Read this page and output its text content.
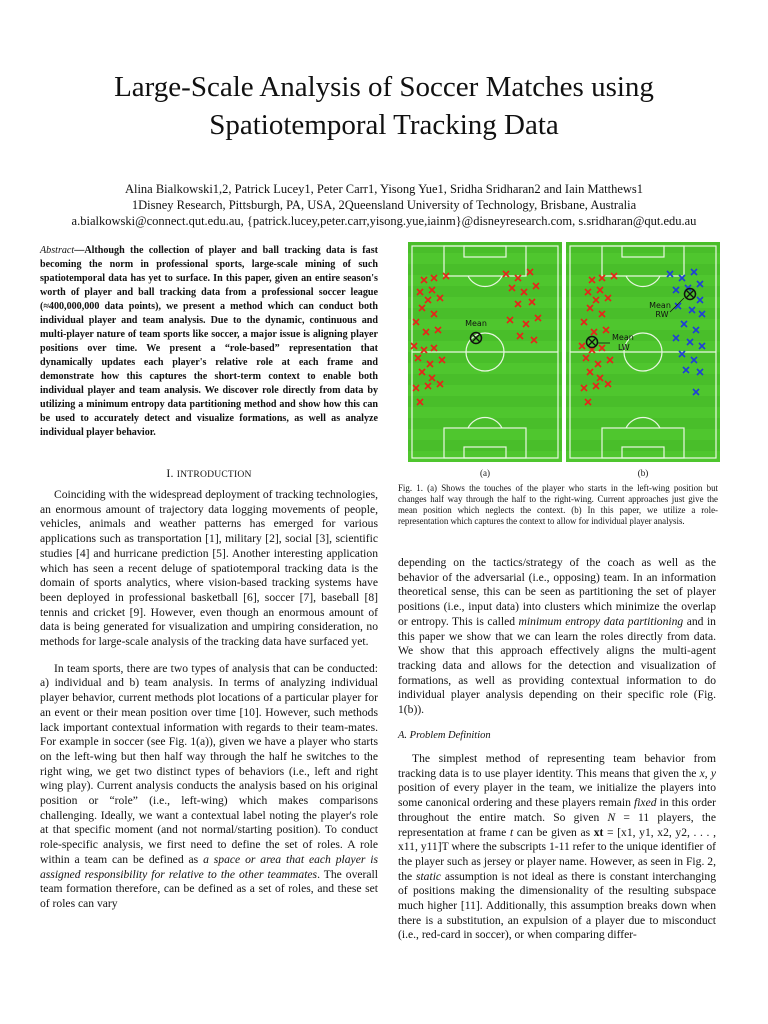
Large-Scale Analysis of Soccer Matches using Spatiotemporal Tracking Data
Alina Bialkowski1,2, Patrick Lucey1, Peter Carr1, Yisong Yue1, Sridha Sridharan2 and Iain Matthews1
1Disney Research, Pittsburgh, PA, USA, 2Queensland University of Technology, Brisbane, Australia
a.bialkowski@connect.qut.edu.au, {patrick.lucey,peter.carr,yisong.yue,iainm}@disneyresearch.com, s.sridharan@qut.edu.au
Abstract—Although the collection of player and ball tracking data is fast becoming the norm in professional sports, large-scale mining of such spatiotemporal data has yet to surface. In this paper, given an entire season's worth of player and ball tracking data from a professional soccer league (≈400,000,000 data points), we present a method which can conduct both individual player and team analysis. Due to the dynamic, continuous and multi-player nature of team sports like soccer, a major issue is aligning player positions over time. We present a “role-based” representation that dynamically updates each player's relative role at each frame and demonstrate how this captures the short-term context to enable both individual player and team analysis. We discover role directly from data by utilizing a minimum entropy data partitioning method and show how this can be used to accurately detect and visualize formations, as well as analyze individual player behavior.
I. INTRODUCTION

Coinciding with the widespread deployment of tracking technologies, an enormous amount of trajectory data logging movements of people, vehicles, animals and weather patterns has emerged for various applications such as transportation [1], military [2], social [3], scientific studies [4] and hurricane prediction [5]. Another interesting application which has seen a recent deluge of spatiotemporal tracking data is the domain of sports analytics, where vision-based tracking systems have been deployed in professional basketball [6], soccer [7], baseball [8] tennis and cricket [9]. However, even though an enormous amount of data is being generated for visualization and umpiring consideration, no methods for large-scale analysis of the tracking data have surfaced yet.

In team sports, there are two types of analysis that can be conducted: a) individual and b) team analysis. In terms of analyzing individual player behavior, current methods plot locations of a particular player for an event or their mean position over time [10]. However, such methods lack important contextual information with regards to their team-mates. For example in soccer (see Fig. 1(a)), given we have a player who starts on the left-wing but then half way through the half he switches to the right wing, we get two distinct types of behaviors (i.e., left and right wing play). Current analysis conducts the analysis based on his original position or “role” (i.e., left-wing) which makes comparisons challenging. Ideally, we want a contextual label noting the player's role at that specific moment (and not normal/starting position). To conduct role-specific analysis, we first need to define the set of roles. A role within a team can be defined as a space or area that each player is assigned responsibility for relative to the other teammates. The overall team formation therefore, can be defined as a set of roles, and these set of roles can vary

Mean
Mean
RW
Mean
LW
(a)	(b)
Fig. 1. (a) Shows the touches of the player who starts in the left-wing position but changes half way through the half to the right-wing. Current approaches just give the mean position which neglects the context. (b) In this paper, we utilize a role-representation which captures the context to allow for individual player analysis.

depending on the tactics/strategy of the coach as well as the behavior of the adversarial (i.e., opposing) team. In an information theoretical sense, this can be seen as partitioning the set of player positions (i.e., input data) into clusters which minimize the overlap or entropy. This is called minimum entropy data partitioning and in this paper we show that we can learn the roles directly from data. We show that this approach effectively aligns the multi-agent tracking data and allows for the detection and visualization of formations, as well as providing contextual information to do individual player analysis depending on their specific role (Fig. 1(b)).

A. Problem Definition

The simplest method of representing team behavior from tracking data is to use player identity. This means that given the x, y position of every player in the team, we initialize the players into some canonical ordering and these players remain fixed in this order throughout the entire match. So given N = 11 players, the representation at frame t can be given as xt = [x1, y1, x2, y2, . . . , x11, y11]T where the subscripts 1-11 refer to the unique identifier of the player such as jersey or player name. However, as seen in Fig. 2, the static assumption is not ideal as there is constant interchanging of positions making the dimensionality of the resulting subspace much higher [11]. Additionally, this assumption breaks down when there is a substitution, an expulsion of a player due to misconduct (i.e., red-card in soccer), or when comparing differ-
